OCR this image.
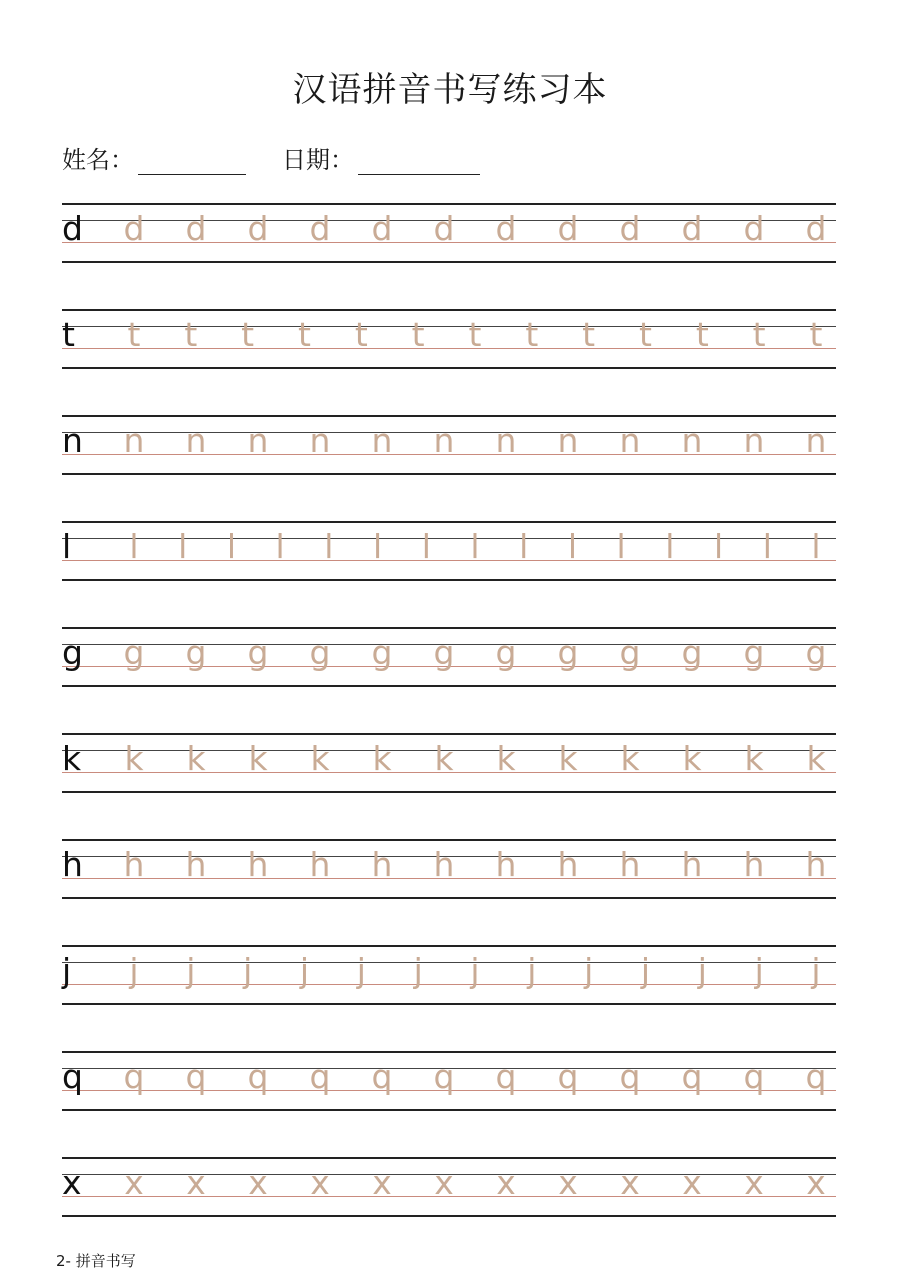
汉语拼音书写练习本
姓名：	日期：
d d d d d d d d d d d d d
t t t t t t t t t t t t t t
n n n n n n n n n n n n n
l l l l l l l l l l l l l l l l
g g g g g g g g g g g g g
k k k k k k k k k k k k k
h h h h h h h h h h h h h
j j j j j j j j j j j j j j
q q q q q q q q q q q q q
x x x x x x x x x x x x x
2- 拼音书写
